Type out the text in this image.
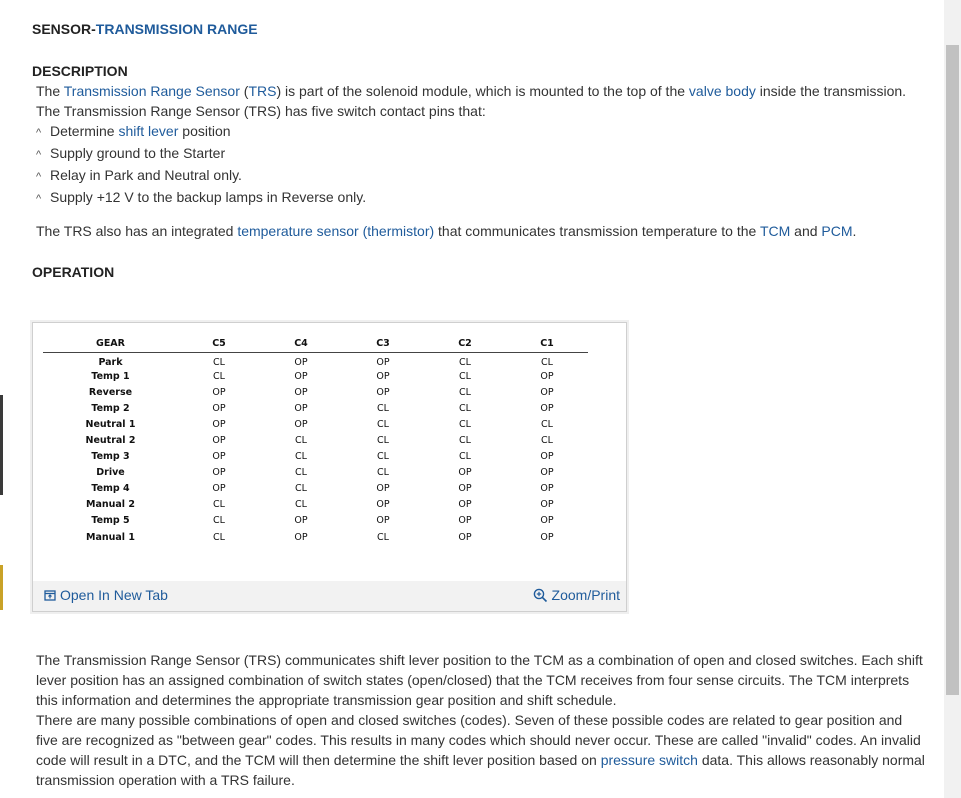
SENSOR-TRANSMISSION RANGE
DESCRIPTION
The Transmission Range Sensor (TRS) is part of the solenoid module, which is mounted to the top of the valve body inside the transmission.
The Transmission Range Sensor (TRS) has five switch contact pins that:
^ Determine shift lever position
^ Supply ground to the Starter
^ Relay in Park and Neutral only.
^ Supply +12 V to the backup lamps in Reverse only.
The TRS also has an integrated temperature sensor (thermistor) that communicates transmission temperature to the TCM and PCM.
OPERATION
The Transmission Range Sensor (TRS) communicates shift lever position to the TCM as a combination of open and closed switches. Each shift lever position has an assigned combination of switch states (open/closed) that the TCM receives from four sense circuits. The TCM interprets this information and determines the appropriate transmission gear position and shift schedule.
There are many possible combinations of open and closed switches (codes). Seven of these possible codes are related to gear position and five are recognized as "between gear" codes. This results in many codes which should never occur. These are called "invalid" codes. An invalid code will result in a DTC, and the TCM will then determine the shift lever position based on pressure switch data. This allows reasonably normal transmission operation with a TRS failure.
GEAR	C5	C4	C3	C2	C1
Park	CL	OP	OP	CL	CL
Temp 1	CL	OP	OP	CL	OP
Reverse	OP	OP	OP	CL	OP
Temp 2	OP	OP	CL	CL	OP
Neutral 1	OP	OP	CL	CL	CL
Neutral 2	OP	CL	CL	CL	CL
Temp 3	OP	CL	CL	CL	OP
Drive	OP	CL	CL	OP	OP
Temp 4	OP	CL	OP	OP	OP
Manual 2	CL	CL	OP	OP	OP
Temp 5	CL	OP	OP	OP	OP
Manual 1	CL	OP	CL	OP	OP
Open In New Tab	Zoom/Print
